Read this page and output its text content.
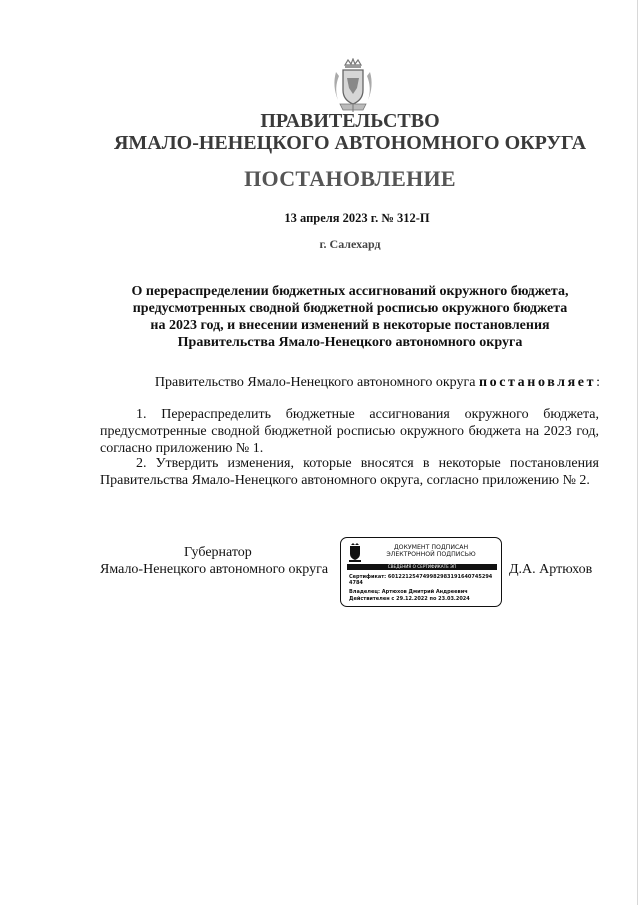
ПРАВИТЕЛЬСТВО
ЯМАЛО-НЕНЕЦКОГО АВТОНОМНОГО ОКРУГА
ПОСТАНОВЛЕНИЕ
13 апреля 2023 г. № 312-П
г. Салехард
О перераспределении бюджетных ассигнований окружного бюджета,
предусмотренных сводной бюджетной росписью окружного бюджета
на 2023 год, и внесении изменений в некоторые постановления
Правительства Ямало-Ненецкого автономного округа
Правительство Ямало-Ненецкого автономного округа постановляет:
1. Перераспределить бюджетные ассигнования окружного бюджета, предусмотренные сводной бюджетной росписью окружного бюджета на 2023 год, согласно приложению № 1.
2. Утвердить изменения, которые вносятся в некоторые постановления Правительства Ямало-Ненецкого автономного округа, согласно приложению № 2.
Губернатор
Ямало-Ненецкого автономного округа	Д.А. Артюхов
ДОКУМЕНТ ПОДПИСАН
ЭЛЕКТРОННОЙ ПОДПИСЬЮ
СВЕДЕНИЯ О СЕРТИФИКАТЕ ЭП
Сертификат: 601221254749982983191640745294
4784
Владелец: Артюхов Дмитрий Андреевич
Действителен с 29.12.2022 по 23.03.2024
